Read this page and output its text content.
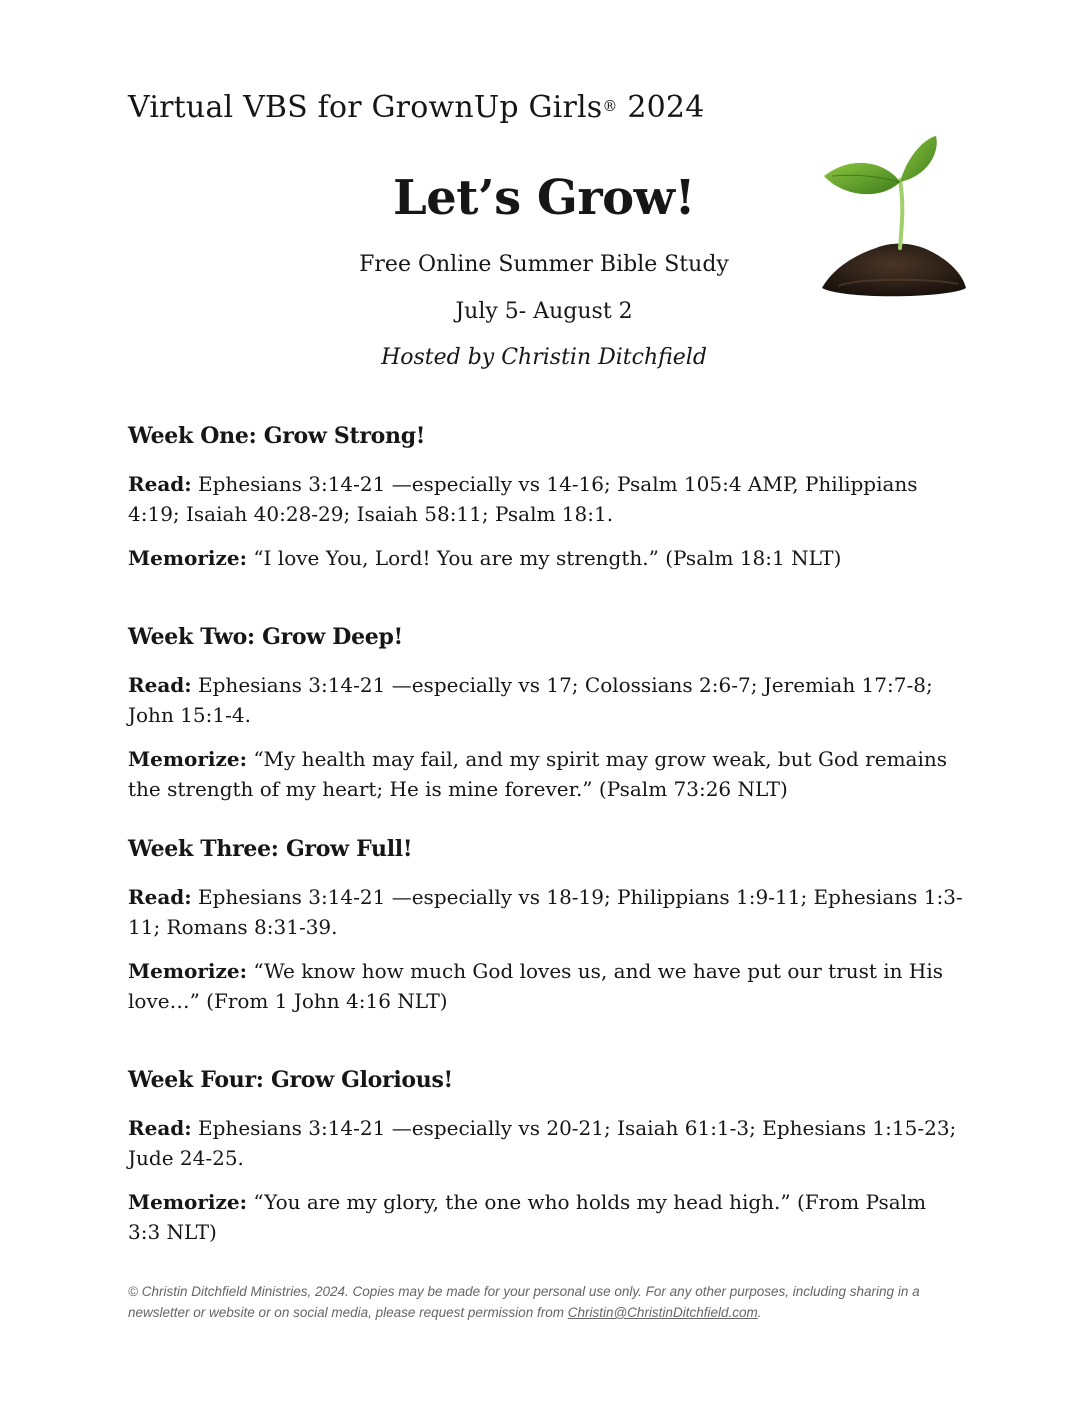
Virtual VBS for GrownUp Girls® 2024
Let’s Grow!
Free Online Summer Bible Study
July 5- August 2
Hosted by Christin Ditchfield
Week One: Grow Strong!
Read: Ephesians 3:14-21 —especially vs 14-16; Psalm 105:4 AMP, Philippians 4:19; Isaiah 40:28-29; Isaiah 58:11; Psalm 18:1.
Memorize: “I love You, Lord! You are my strength.” (Psalm 18:1 NLT)
Week Two: Grow Deep!
Read: Ephesians 3:14-21 —especially vs 17; Colossians 2:6-7; Jeremiah 17:7-8; John 15:1-4.
Memorize: “My health may fail, and my spirit may grow weak, but God remains the strength of my heart; He is mine forever.” (Psalm 73:26 NLT)
Week Three: Grow Full!
Read: Ephesians 3:14-21 —especially vs 18-19; Philippians 1:9-11; Ephesians 1:3-11; Romans 8:31-39.
Memorize: “We know how much God loves us, and we have put our trust in His love…” (From 1 John 4:16 NLT)
Week Four: Grow Glorious!
Read: Ephesians 3:14-21 —especially vs 20-21; Isaiah 61:1-3; Ephesians 1:15-23; Jude 24-25.
Memorize: “You are my glory, the one who holds my head high.” (From Psalm 3:3 NLT)
© Christin Ditchfield Ministries, 2024. Copies may be made for your personal use only. For any other purposes, including sharing in a newsletter or website or on social media, please request permission from Christin@ChristinDitchfield.com.
